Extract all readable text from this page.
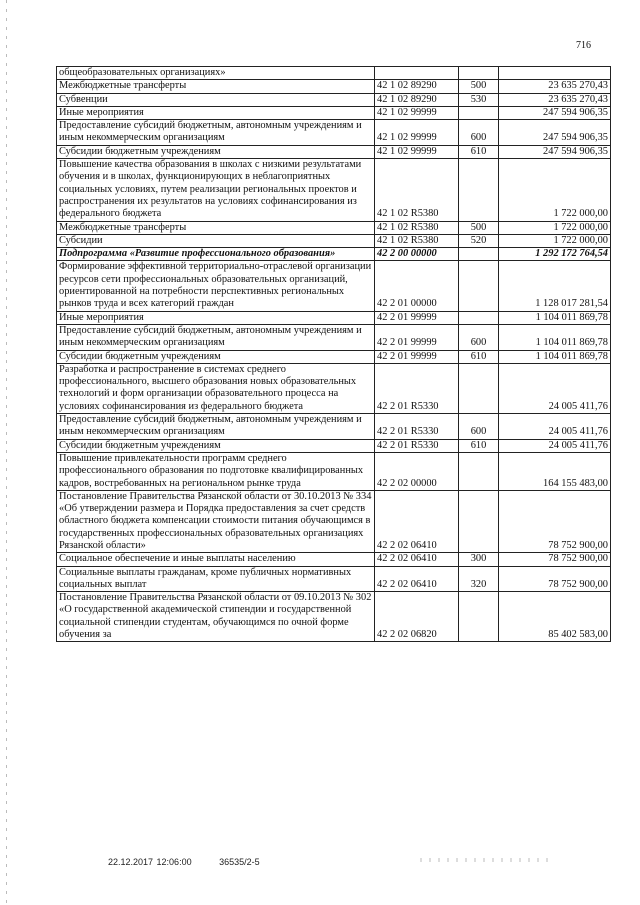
716
общеобразовательных организациях»			
Межбюджетные трансферты	42 1 02 89290	500	23 635 270,43
Субвенции	42 1 02 89290	530	23 635 270,43
Иные мероприятия	42 1 02 99999		247 594 906,35
Предоставление субсидий бюджетным, автономным учреждениям и иным некоммерческим организациям	42 1 02 99999	600	247 594 906,35
Субсидии бюджетным учреждениям	42 1 02 99999	610	247 594 906,35
Повышение качества образования в школах с низкими результатами обучения и в школах, функционирующих в неблагоприятных социальных условиях, путем реализации региональных проектов и распространения их результатов на условиях софинансирования из федерального бюджета	42 1 02 R5380		1 722 000,00
Межбюджетные трансферты	42 1 02 R5380	500	1 722 000,00
Субсидии	42 1 02 R5380	520	1 722 000,00
Подпрограмма «Развитие профессионального образования»	42 2 00 00000		1 292 172 764,54
Формирование эффективной территориально-отраслевой организации ресурсов сети профессиональных образовательных организаций, ориентированной на потребности перспективных региональных рынков труда и всех категорий граждан	42 2 01 00000		1 128 017 281,54
Иные мероприятия	42 2 01 99999		1 104 011 869,78
Предоставление субсидий бюджетным, автономным учреждениям и иным некоммерческим организациям	42 2 01 99999	600	1 104 011 869,78
Субсидии бюджетным учреждениям	42 2 01 99999	610	1 104 011 869,78
Разработка и распространение в системах среднего профессионального, высшего образования новых образовательных технологий и форм организации образовательного процесса на условиях софинансирования из федерального бюджета	42 2 01 R5330		24 005 411,76
Предоставление субсидий бюджетным, автономным учреждениям и иным некоммерческим организациям	42 2 01 R5330	600	24 005 411,76
Субсидии бюджетным учреждениям	42 2 01 R5330	610	24 005 411,76
Повышение привлекательности программ среднего профессионального образования по подготовке квалифицированных кадров, востребованных на региональном рынке труда	42 2 02 00000		164 155 483,00
Постановление Правительства Рязанской области от 30.10.2013 № 334 «Об утверждении размера и Порядка предоставления за счет средств областного бюджета компенсации стоимости питания обучающимся в государственных профессиональных образовательных организациях Рязанской области»	42 2 02 06410		78 752 900,00
Социальное обеспечение и иные выплаты населению	42 2 02 06410	300	78 752 900,00
Социальные выплаты гражданам, кроме публичных нормативных социальных выплат	42 2 02 06410	320	78 752 900,00
Постановление Правительства Рязанской области от 09.10.2013 № 302 «О государственной академической стипендии и государственной социальной стипендии студентам, обучающимся по очной форме обучения за	42 2 02 06820		85 402 583,00
22.12.2017 12:06:00	36535/2-5
